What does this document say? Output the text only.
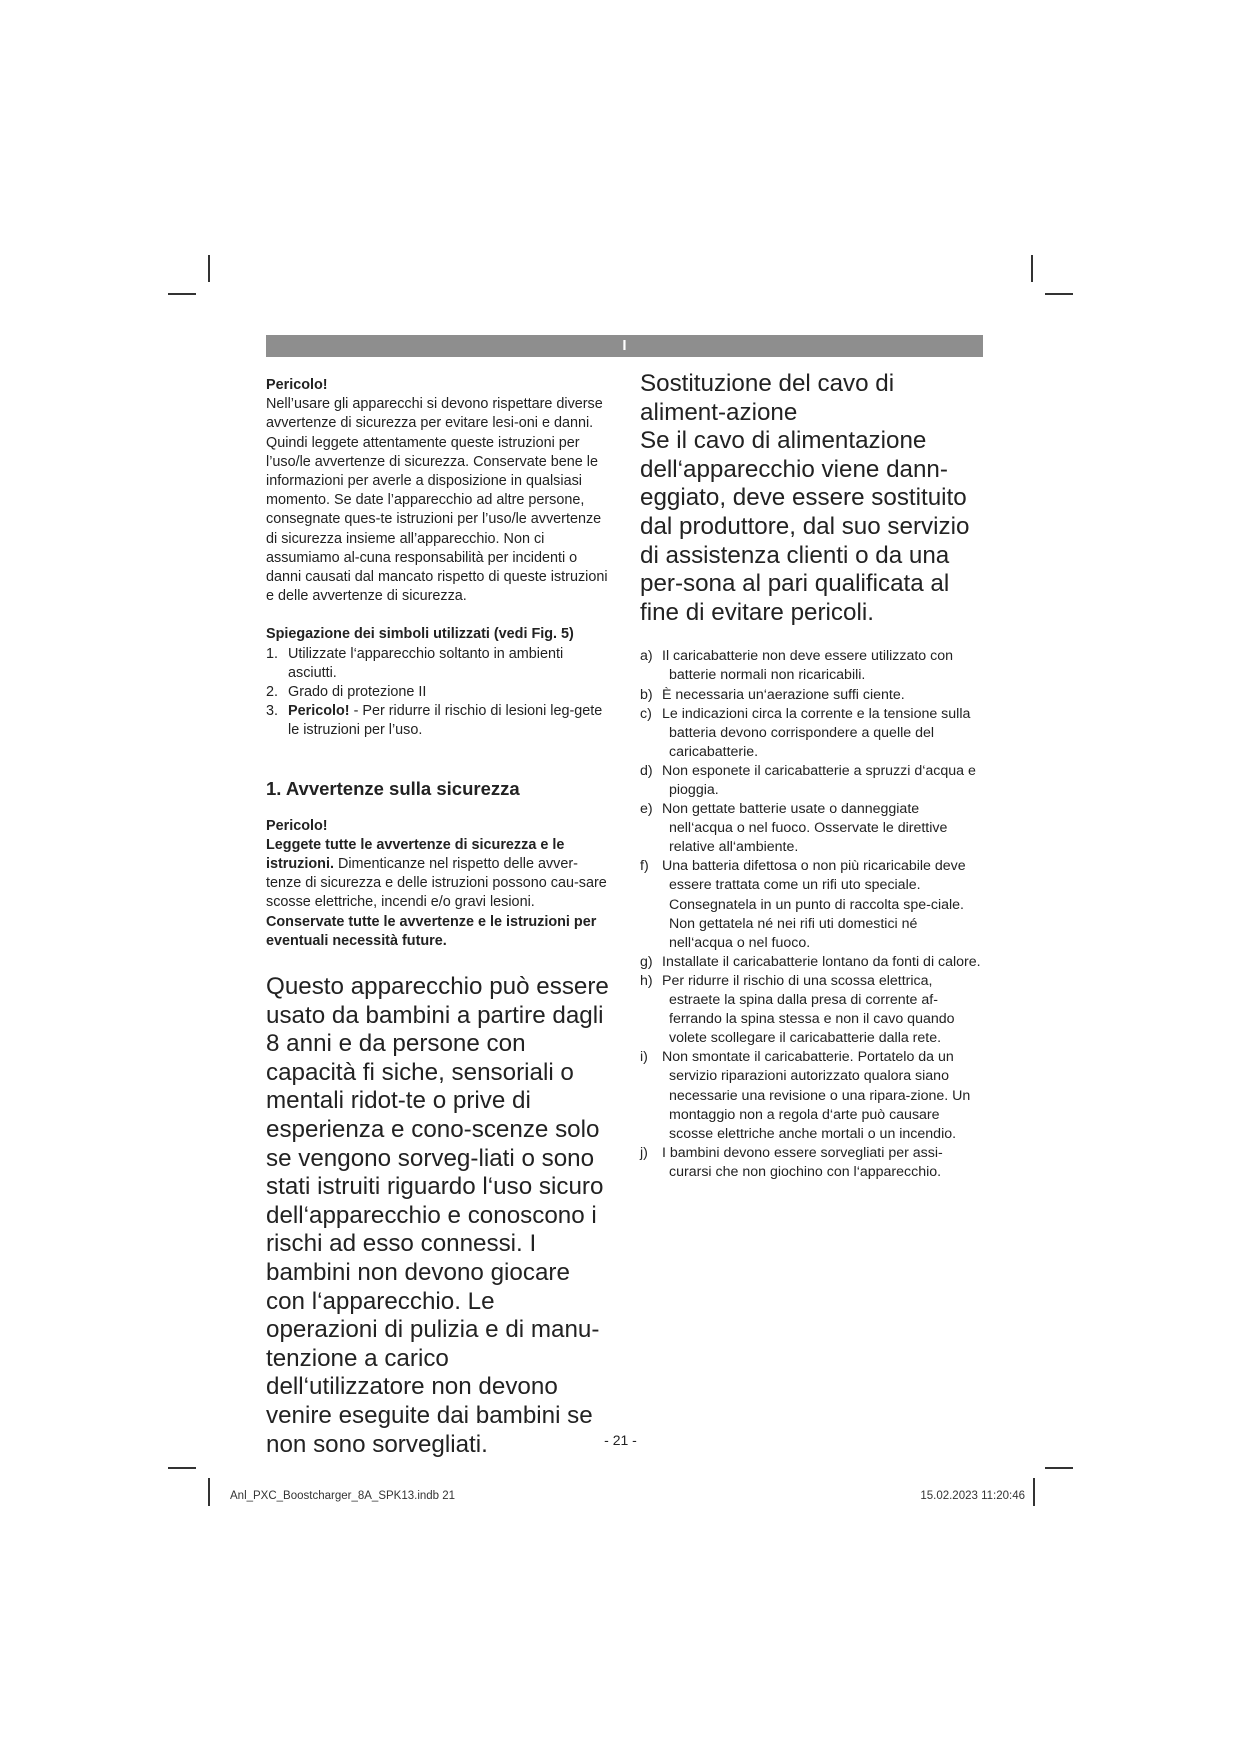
I

Pericolo!

Nell’usare gli apparecchi si devono rispettare diverse avvertenze di sicurezza per evitare lesi-oni e danni. Quindi leggete attentamente queste istruzioni per l’uso/le avvertenze di sicurezza. Conservate bene le informazioni per averle a disposizione in qualsiasi momento. Se date l’apparecchio ad altre persone, consegnate ques-te istruzioni per l’uso/le avvertenze di sicurezza insieme all’apparecchio. Non ci assumiamo al-cuna responsabilità per incidenti o danni causati dal mancato rispetto di queste istruzioni e delle avvertenze di sicurezza.

Spiegazione dei simboli utilizzati (vedi Fig. 5)

1. Utilizzate l‘apparecchio soltanto in ambienti asciutti.
2. Grado di protezione II
3. Pericolo! - Per ridurre il rischio di lesioni leg-gete le istruzioni per l’uso.

1. Avvertenze sulla sicurezza

Pericolo!

Leggete tutte le avvertenze di sicurezza e le istruzioni. Dimenticanze nel rispetto delle avver-tenze di sicurezza e delle istruzioni possono cau-sare scosse elettriche, incendi e/o gravi lesioni.

Conservate tutte le avvertenze e le istruzioni per eventuali necessità future.

Questo apparecchio può essere usato da bambini a partire dagli 8 anni e da persone con capacità fi siche, sensoriali o mentali ridot-te o prive di esperienza e cono-scenze solo se vengono sorveg-liati o sono stati istruiti riguardo l‘uso sicuro dell‘apparecchio e conoscono i rischi ad esso connessi. I bambini non devono giocare con l‘apparecchio. Le operazioni di pulizia e di manu-tenzione a carico dell‘utilizzatore non devono venire eseguite dai bambini se non sono sorvegliati.

Sostituzione del cavo di aliment-azione
Se il cavo di alimentazione dell‘apparecchio viene dann-eggiato, deve essere sostituito dal produttore, dal suo servizio di assistenza clienti o da una per-sona al pari qualificata al fine di evitare pericoli.

a) Il caricabatterie non deve essere utilizzato con batterie normali non ricaricabili.
b) È necessaria un‘aerazione suffi ciente.
c) Le indicazioni circa la corrente e la tensione sulla batteria devono corrispondere a quelle del caricabatterie.
d) Non esponete il caricabatterie a spruzzi d‘acqua e pioggia.
e) Non gettate batterie usate o danneggiate nell‘acqua o nel fuoco. Osservate le direttive relative all‘ambiente.
f) Una batteria difettosa o non più ricaricabile deve essere trattata come un rifi uto speciale. Consegnatela in un punto di raccolta spe-ciale. Non gettatela né nei rifi uti domestici né nell‘acqua o nel fuoco.
g) Installate il caricabatterie lontano da fonti di calore.
h) Per ridurre il rischio di una scossa elettrica, estraete la spina dalla presa di corrente af-ferrando la spina stessa e non il cavo quando volete scollegare il caricabatterie dalla rete.
i) Non smontate il caricabatterie. Portatelo da un servizio riparazioni autorizzato qualora siano necessarie una revisione o una ripara-zione. Un montaggio non a regola d‘arte può causare scosse elettriche anche mortali o un incendio.
j) I bambini devono essere sorvegliati per assi-curarsi che non giochino con l‘apparecchio.
- 21 -
Anl_PXC_Boostcharger_8A_SPK13.indb 21	15.02.2023 11:20:46
